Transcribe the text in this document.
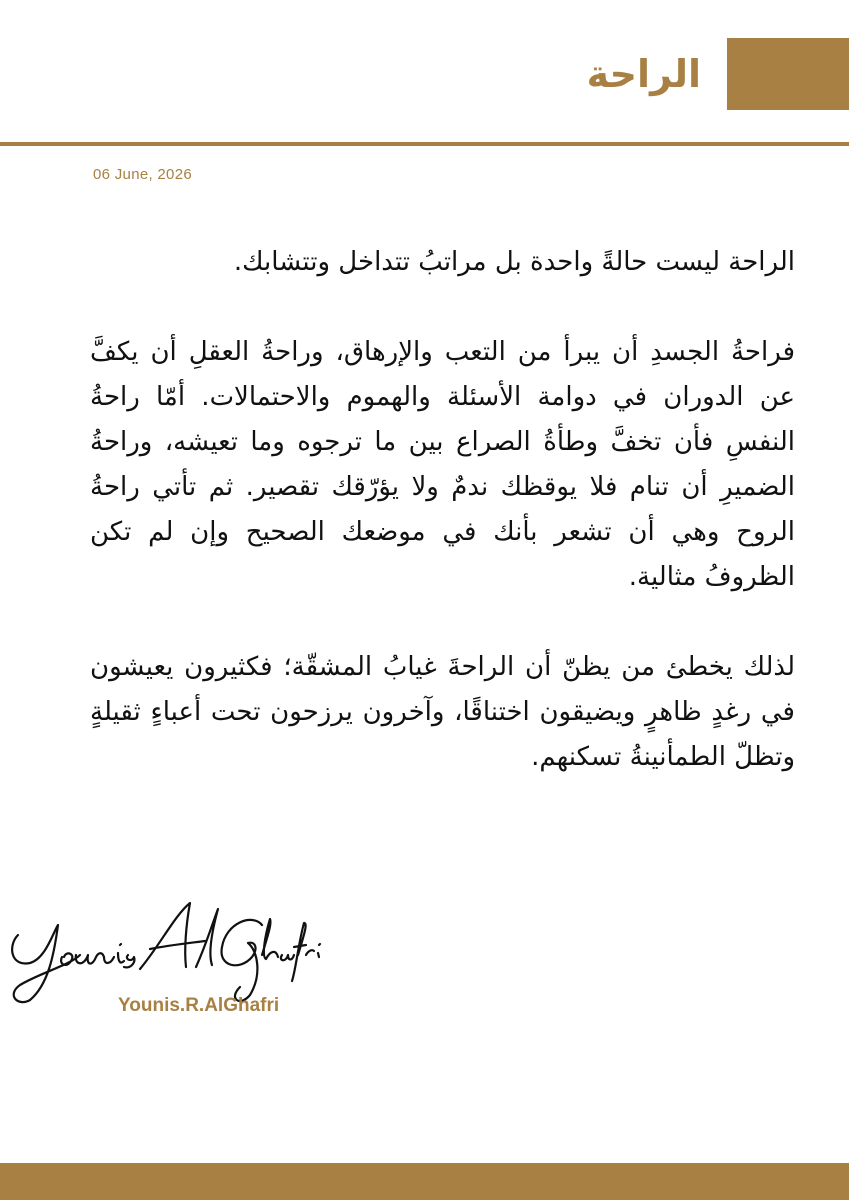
الراحة
06 June, 2026

الراحة ليست حالةً واحدة بل مراتبُ تتداخل وتتشابك.

فراحةُ الجسدِ أن يبرأ من التعب والإرهاق، وراحةُ العقلِ أن يكفَّ عن الدوران في دوامة الأسئلة والهموم والاحتمالات. أمّا راحةُ النفسِ فأن تخفَّ وطأةُ الصراع بين ما ترجوه وما تعيشه، وراحةُ الضميرِ أن تنام فلا يوقظك ندمٌ ولا يؤرّقك تقصير. ثم تأتي راحةُ الروح وهي أن تشعر بأنك في موضعك الصحيح وإن لم تكن الظروفُ مثالية.

لذلك يخطئ من يظنّ أن الراحةَ غيابُ المشقّة؛ فكثيرون يعيشون في رغدٍ ظاهرٍ ويضيقون اختناقًا، وآخرون يرزحون تحت أعباءٍ ثقيلةٍ وتظلّ الطمأنينةُ تسكنهم.

Younis.R.AlGhafri
